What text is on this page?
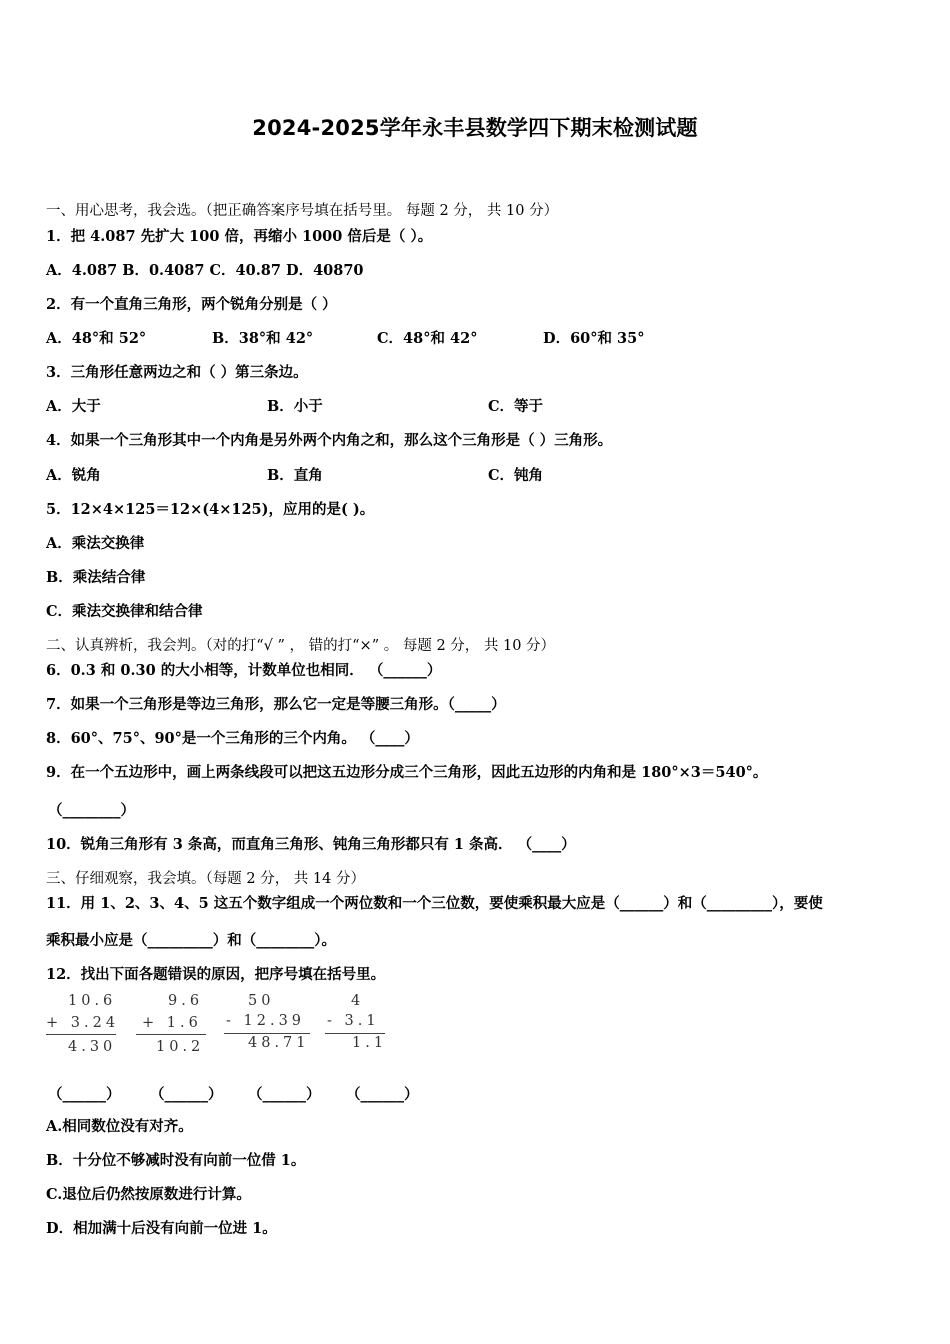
2024-2025学年永丰县数学四下期末检测试题
一、用心思考，我会选。（把正确答案序号填在括号里。 每题 2 分， 共 10 分）
1．把 4.087 先扩大 100 倍，再缩小 1000 倍后是（ ）。
A．4.087 B．0.4087 C．40.87 D．40870
2．有一个直角三角形，两个锐角分别是（ ）
A．48°和 52°	B．38°和 42°	C．48°和 42°	D．60°和 35°
3．三角形任意两边之和（ ）第三条边。
A．大于	B．小于	C．等于
4．如果一个三角形其中一个内角是另外两个内角之和，那么这个三角形是（ ）三角形。
A．锐角	B．直角	C．钝角
5．12×4×125＝12×(4×125)，应用的是( )。
A．乘法交换律
B．乘法结合律
C．乘法交换律和结合律
二、认真辨析，我会判。（对的打“√ ” ， 错的打“×” 。 每题 2 分， 共 10 分）
6．0.3 和 0.30 的大小相等，计数单位也相同． （______）
7．如果一个三角形是等边三角形，那么它一定是等腰三角形。（_____）
8．60°、75°、90°是一个三角形的三个内角。 （____）
9．在一个五边形中，画上两条线段可以把这五边形分成三个三角形，因此五边形的内角和是 180°×3＝540°。
（________）
10．锐角三角形有 3 条高，而直角三角形、钝角三角形都只有 1 条高． （____）
三、仔细观察，我会填。（每题 2 分， 共 14 分）
11．用 1、2、3、4、5 这五个数字组成一个两位数和一个三位数，要使乘积最大应是（______）和（_________），要使
乘积最小应是（_________）和（________）。
12．找出下面各题错误的原因，把序号填在括号里。
10.6
+ 3.24
4.30
9.6
+ 1.6
10.2
50
- 12.39
48.71
4
- 3.1
1.1
（______） （______） （______） （______）
A.相同数位没有对齐。
B．十分位不够减时没有向前一位借 1。
C.退位后仍然按原数进行计算。
D．相加满十后没有向前一位进 1。
